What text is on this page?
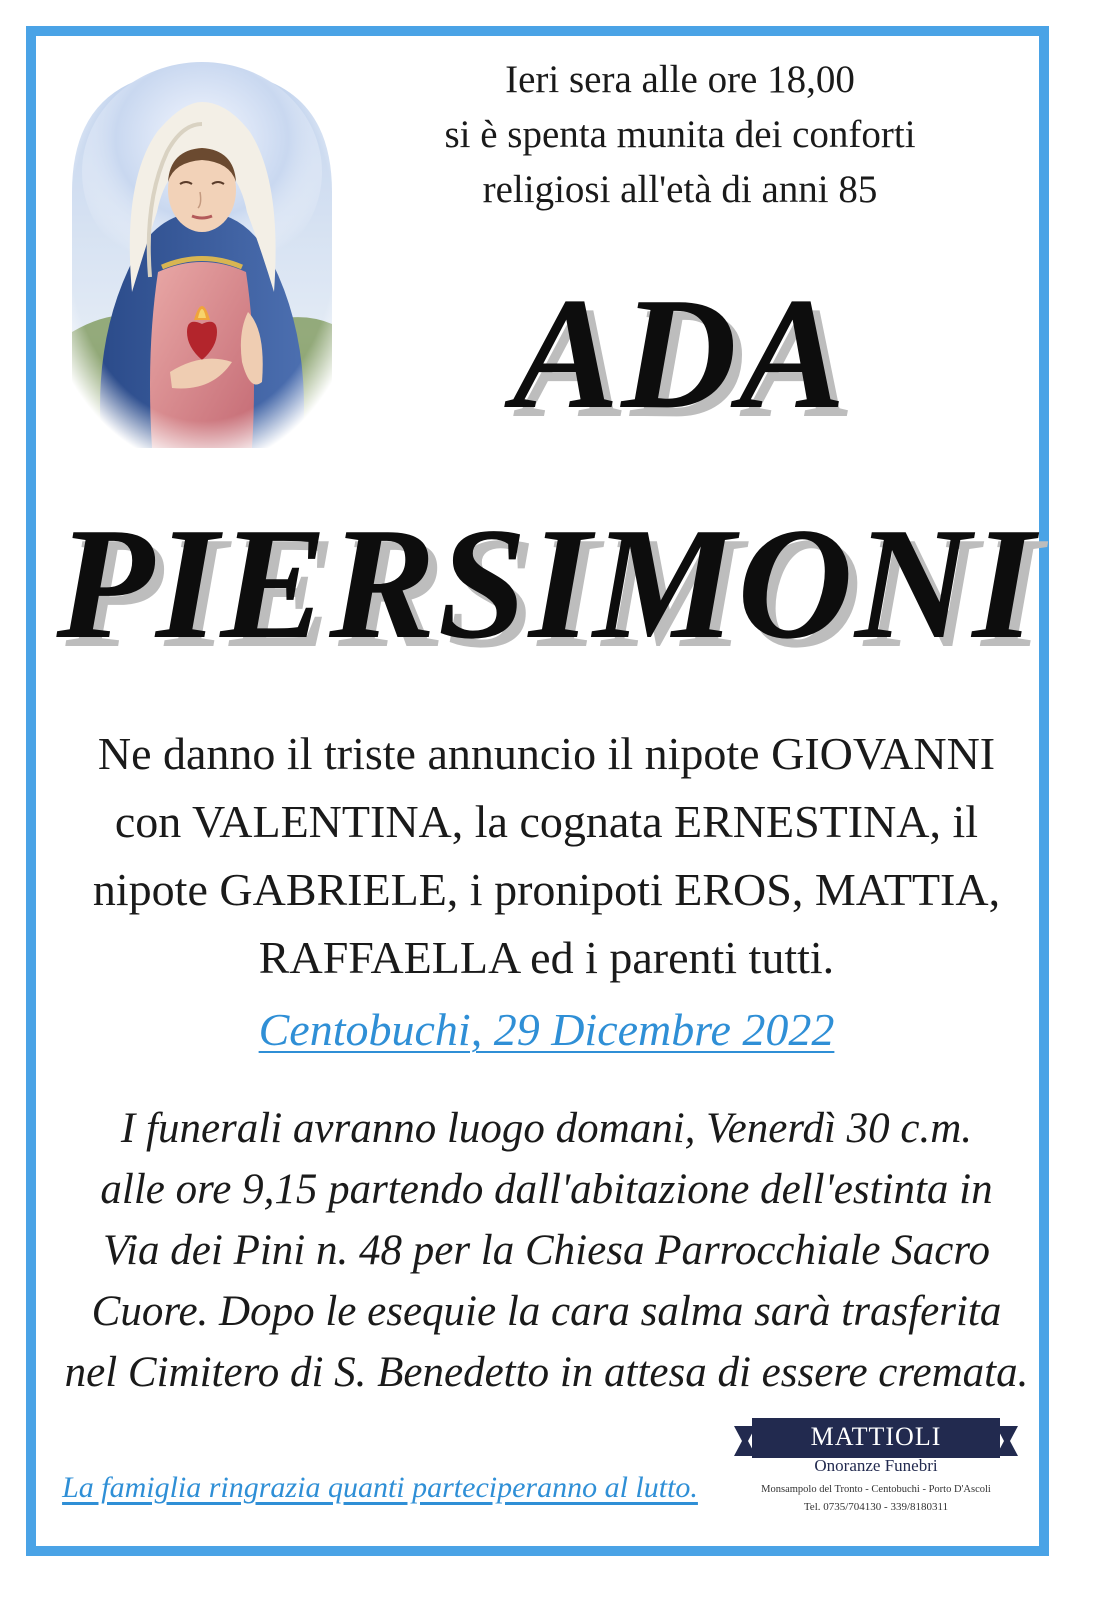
Ieri sera alle ore 18,00
si è spenta munita dei conforti
religiosi all'età di anni 85
ADA
PIERSIMONI
Ne danno il triste annuncio il nipote GIOVANNI
con VALENTINA, la cognata ERNESTINA, il
nipote GABRIELE, i pronipoti EROS, MATTIA,
RAFFAELLA ed i parenti tutti.
Centobuchi, 29 Dicembre 2022
I funerali avranno luogo domani, Venerdì 30 c.m.
alle ore 9,15 partendo dall'abitazione dell'estinta in
Via dei Pini n. 48 per la Chiesa Parrocchiale Sacro
Cuore. Dopo le esequie la cara salma sarà trasferita
nel Cimitero di S. Benedetto in attesa di essere cremata.
La famiglia ringrazia quanti parteciperanno al lutto.
MATTIOLI
Onoranze Funebri
Monsampolo del Tronto - Centobuchi - Porto D'Ascoli
Tel. 0735/704130 - 339/8180311
